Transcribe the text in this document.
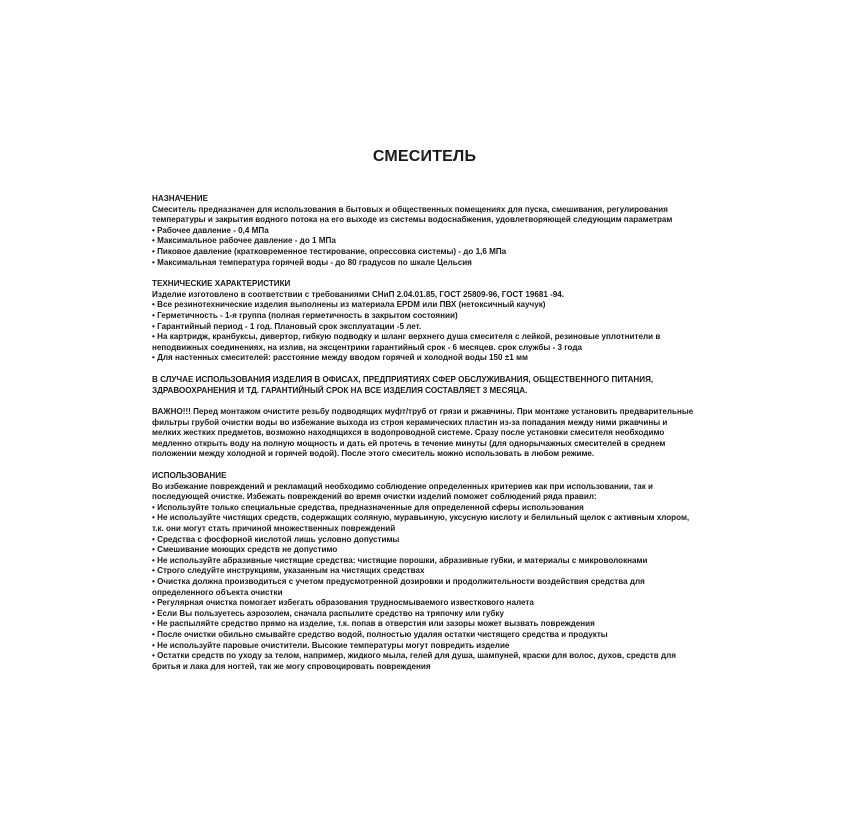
СМЕСИТЕЛЬ
НАЗНАЧЕНИЕ

Смеситель предназначен для использования в бытовых и общественных помещениях для пуска, смешивания, регулирования температуры и закрытия водного потока на его выходе из системы водоснабжения, удовлетворяющей следующим параметрам

• Рабочее давление - 0,4 МПа
• Максимальное рабочее давление - до 1 МПа
• Пиковое давление (кратковременное тестирование, опрессовка системы) - до 1,6 МПа
• Максимальная температура горячей воды - до 80 градусов по шкале Цельсия
ТЕХНИЧЕСКИЕ ХАРАКТЕРИСТИКИ

Изделие изготовлено в соответствии с требованиями СНиП 2.04.01.85, ГОСТ 25809-96, ГОСТ 19681 -94.

• Все резинотехнические изделия выполнены из материала EPDM или ПВХ (нетоксичный каучук)
• Герметичность - 1-я группа (полная герметичность в закрытом состоянии)
• Гарантийный период - 1 год. Плановый срок эксплуатации -5 лет.
• На картридж, кранбуксы, дивертор, гибкую подводку и шланг верхнего душа смесителя с лейкой, резиновые уплотнители в неподвижных соединениях, на излив, на эксцентрики гарантийный срок - 6 месяцев. срок службы - 3 года
• Для настенных смесителей: расстояние между вводом горячей и холодной воды 150 ±1 мм

В СЛУЧАЕ ИСПОЛЬЗОВАНИЯ ИЗДЕЛИЯ В ОФИСАХ, ПРЕДПРИЯТИЯХ СФЕР ОБСЛУЖИВАНИЯ, ОБЩЕСТВЕННОГО ПИТАНИЯ, ЗДРАВООХРАНЕНИЯ И ТД. ГАРАНТИЙНЫЙ СРОК НА ВСЕ ИЗДЕЛИЯ СОСТАВЛЯЕТ 3 МЕСЯЦА.

ВАЖНО!!! Перед монтажом очистите резьбу подводящих муфт/труб от грязи и ржавчины. При монтаже установить предварительные фильтры грубой очистки воды во избежание выхода из строя керамических пластин из-за попадания между ними ржавчины и мелких жестких предметов, возможно находящихся в водопроводной системе. Сразу после установки смесителя необходимо медленно открыть воду на полную мощность и дать ей протечь в течение минуты (для однорычажных смесителей в среднем положении между холодной и горячей водой). После этого смеситель можно использовать в любом режиме.

ИСПОЛЬЗОВАНИЕ

Во избежание повреждений и рекламаций необходимо соблюдение определенных критериев как при использовании, так и последующей очистке. Избежать повреждений во время очистки изделий поможет соблюдений ряда правил:

• Используйте только специальные средства, предназначенные для определенной сферы использования
• Не используйте чистящих средств, содержащих соляную, муравьиную, уксусную кислоту и белильный щелок с активным хлором, т.к. они могут стать причиной множественных повреждений
• Средства с фосфорной кислотой лишь условно допустимы
• Смешивание моющих средств не допустимо
• Не используйте абразивные чистящие средства: чистящие порошки, абразивные губки, и материалы с микроволокнами
• Строго следуйте инструкциям, указанным на чистящих средствах
• Очистка должна производиться с учетом предусмотренной дозировки и продолжительности воздействия средства для определенного объекта очистки
• Регулярная очистка помогает избегать образования трудносмываемого известкового налета
• Если Вы пользуетесь аэрозолем, сначала распылите средство на тряпочку или губку
• Не распыляйте средство прямо на изделие, т.к. попав в отверстия или зазоры может вызвать повреждения
• После очистки обильно смывайте средство водой, полностью удаляя остатки чистящего средства и продукты
• Не используйте паровые очистители. Высокие температуры могут повредить изделие
• Остатки средств по уходу за телом, например, жидкого мыла, гелей для душа, шампуней, краски для волос, духов, средств для бритья и лака для ногтей, так же могу спровоцировать повреждения
